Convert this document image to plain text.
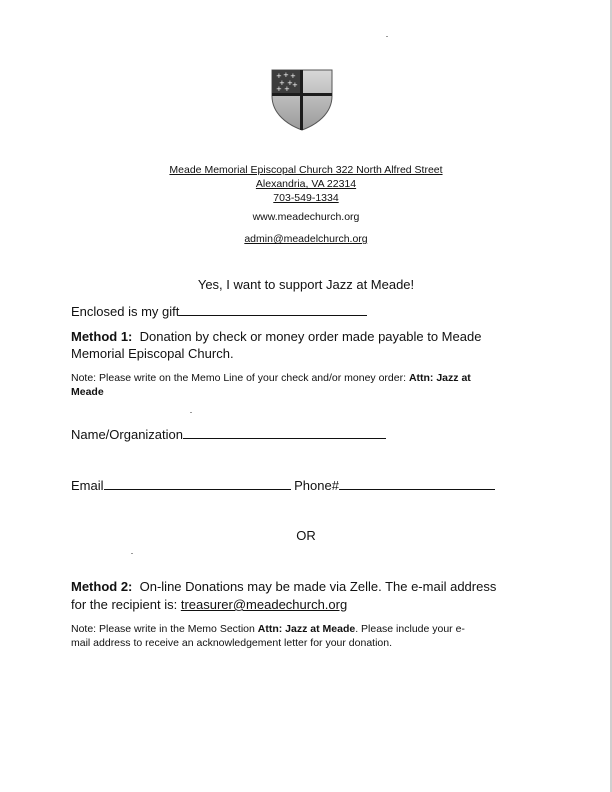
+ + +
+ + +
+ +
Meade Memorial Episcopal Church 322 North Alfred Street
Alexandria, VA 22314
703-549-1334
www.meadechurch.org
admin@meadelchurch.org
Yes, I want to support Jazz at Meade!
Enclosed is my gift
Method 1: Donation by check or money order made payable to Meade
Memorial Episcopal Church.
Note: Please write on the Memo Line of your check and/or money order: Attn: Jazz at
Meade
Name/Organization
Email	Phone#
OR
Method 2: On-line Donations may be made via Zelle. The e-mail address
for the recipient is: treasurer@meadechurch.org
Note: Please write in the Memo Section Attn: Jazz at Meade. Please include your e-
mail address to receive an acknowledgement letter for your donation.
